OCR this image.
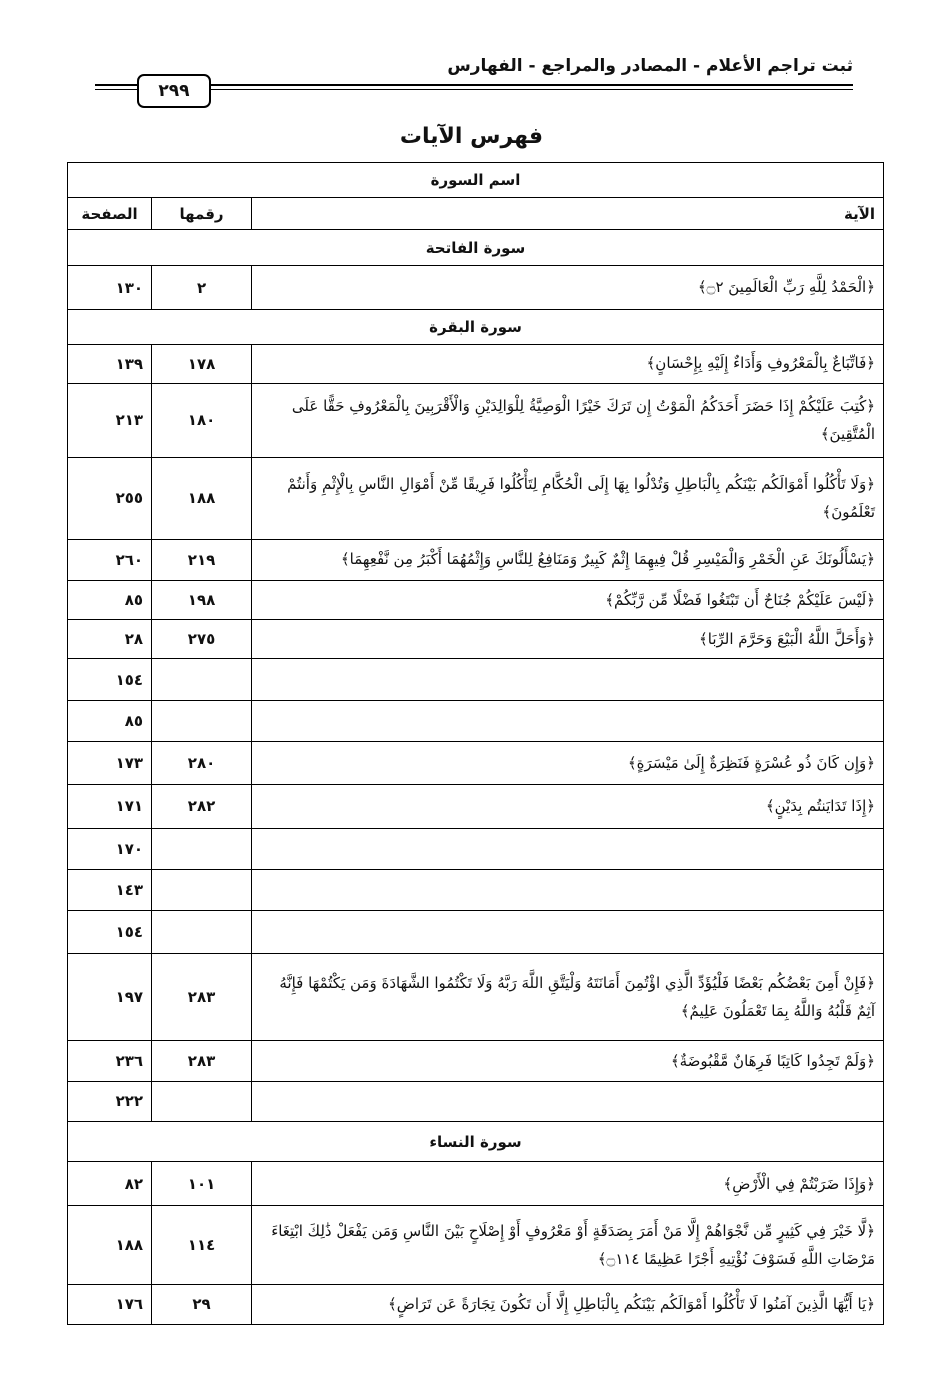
ثبت تراجم الأعلام - المصادر والمراجع - الفهارس
٢٩٩
فهرس الآيات
اسم السورة		
الآية	رقمها	الصفحة
سورة الفاتحة		
﴿الْحَمْدُ لِلَّهِ رَبِّ الْعَالَمِينَ ۝٢﴾	٢	١٣٠
سورة البقرة		
﴿فَاتِّبَاعٌ بِالْمَعْرُوفِ وَأَدَاءٌ إِلَيْهِ بِإِحْسَانٍ﴾	١٧٨	١٣٩
﴿كُتِبَ عَلَيْكُمْ إِذَا حَضَرَ أَحَدَكُمُ الْمَوْتُ إِن تَرَكَ خَيْرًا الْوَصِيَّةُ لِلْوَالِدَيْنِ وَالْأَقْرَبِينَ بِالْمَعْرُوفِ حَقًّا عَلَى الْمُتَّقِينَ﴾	١٨٠	٢١٣
﴿وَلَا تَأْكُلُوا أَمْوَالَكُم بَيْنَكُم بِالْبَاطِلِ وَتُدْلُوا بِهَا إِلَى الْحُكَّامِ لِتَأْكُلُوا فَرِيقًا مِّنْ أَمْوَالِ النَّاسِ بِالْإِثْمِ وَأَنتُمْ تَعْلَمُونَ﴾	١٨٨	٢٥٥
﴿يَسْأَلُونَكَ عَنِ الْخَمْرِ وَالْمَيْسِرِ قُلْ فِيهِمَا إِثْمٌ كَبِيرٌ وَمَنَافِعُ لِلنَّاسِ وَإِثْمُهُمَا أَكْبَرُ مِن نَّفْعِهِمَا﴾	٢١٩	٢٦٠
﴿لَيْسَ عَلَيْكُمْ جُنَاحٌ أَن تَبْتَغُوا فَضْلًا مِّن رَّبِّكُمْ﴾	١٩٨	٨٥
﴿وَأَحَلَّ اللَّهُ الْبَيْعَ وَحَرَّمَ الرِّبَا﴾	٢٧٥	٢٨
		١٥٤
		٨٥
﴿وَإِن كَانَ ذُو عُسْرَةٍ فَنَظِرَةٌ إِلَىٰ مَيْسَرَةٍ﴾	٢٨٠	١٧٣
﴿إِذَا تَدَايَنتُم بِدَيْنٍ﴾	٢٨٢	١٧١
		١٧٠
		١٤٣
		١٥٤
﴿فَإِنْ أَمِنَ بَعْضُكُم بَعْضًا فَلْيُؤَدِّ الَّذِي اؤْتُمِنَ أَمَانَتَهُ وَلْيَتَّقِ اللَّهَ رَبَّهُ وَلَا تَكْتُمُوا الشَّهَادَةَ وَمَن يَكْتُمْهَا فَإِنَّهُ آثِمٌ قَلْبُهُ وَاللَّهُ بِمَا تَعْمَلُونَ عَلِيمٌ﴾	٢٨٣	١٩٧
﴿وَلَمْ تَجِدُوا كَاتِبًا فَرِهَانٌ مَّقْبُوضَةٌ﴾	٢٨٣	٢٣٦
		٢٢٢
سورة النساء		
﴿وَإِذَا ضَرَبْتُمْ فِي الْأَرْضِ﴾	١٠١	٨٢
﴿لَّا خَيْرَ فِي كَثِيرٍ مِّن نَّجْوَاهُمْ إِلَّا مَنْ أَمَرَ بِصَدَقَةٍ أَوْ مَعْرُوفٍ أَوْ إِصْلَاحٍ بَيْنَ النَّاسِ وَمَن يَفْعَلْ ذَٰلِكَ ابْتِغَاءَ مَرْضَاتِ اللَّهِ فَسَوْفَ نُؤْتِيهِ أَجْرًا عَظِيمًا ۝١١٤﴾	١١٤	١٨٨
﴿يَا أَيُّهَا الَّذِينَ آمَنُوا لَا تَأْكُلُوا أَمْوَالَكُم بَيْنَكُم بِالْبَاطِلِ إِلَّا أَن تَكُونَ تِجَارَةً عَن تَرَاضٍ﴾	٢٩	١٧٦
